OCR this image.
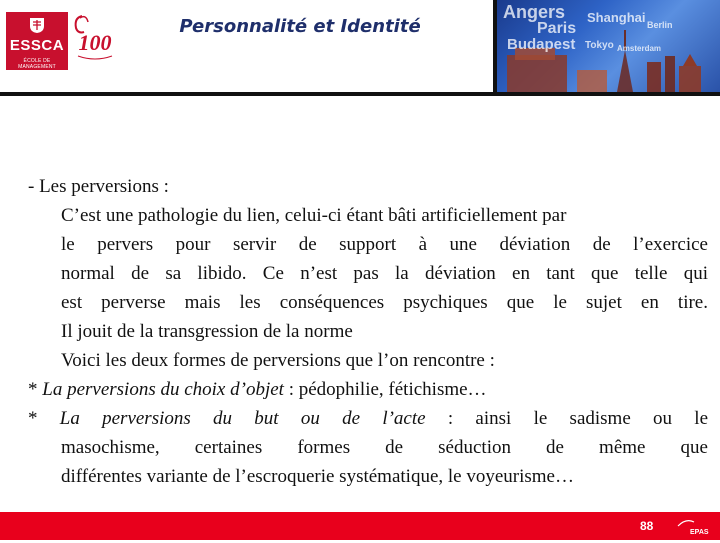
ESSCA
ÉCOLE DE MANAGEMENT
100
Personnalité et Identité
Angers Shanghai
Paris
Budapest Tokyo Amsterdam
Berlin
- Les perversions :
C’est une pathologie du lien, celui-ci étant bâti artificiellement par
le pervers pour servir de support à une déviation de l’exercice
normal de sa libido. Ce n’est pas la déviation en tant que telle qui
est perverse mais les conséquences psychiques que le sujet en tire.
Il jouit de la transgression de la norme
Voici les deux formes de perversions que l’on rencontre :
* La perversions du choix d’objet : pédophilie, fétichisme…
* La perversions du but ou de l’acte : ainsi le sadisme ou le
masochisme, certaines formes de séduction de même que
différentes variante de l’escroquerie systématique, le voyeurisme…
88	EPAS
